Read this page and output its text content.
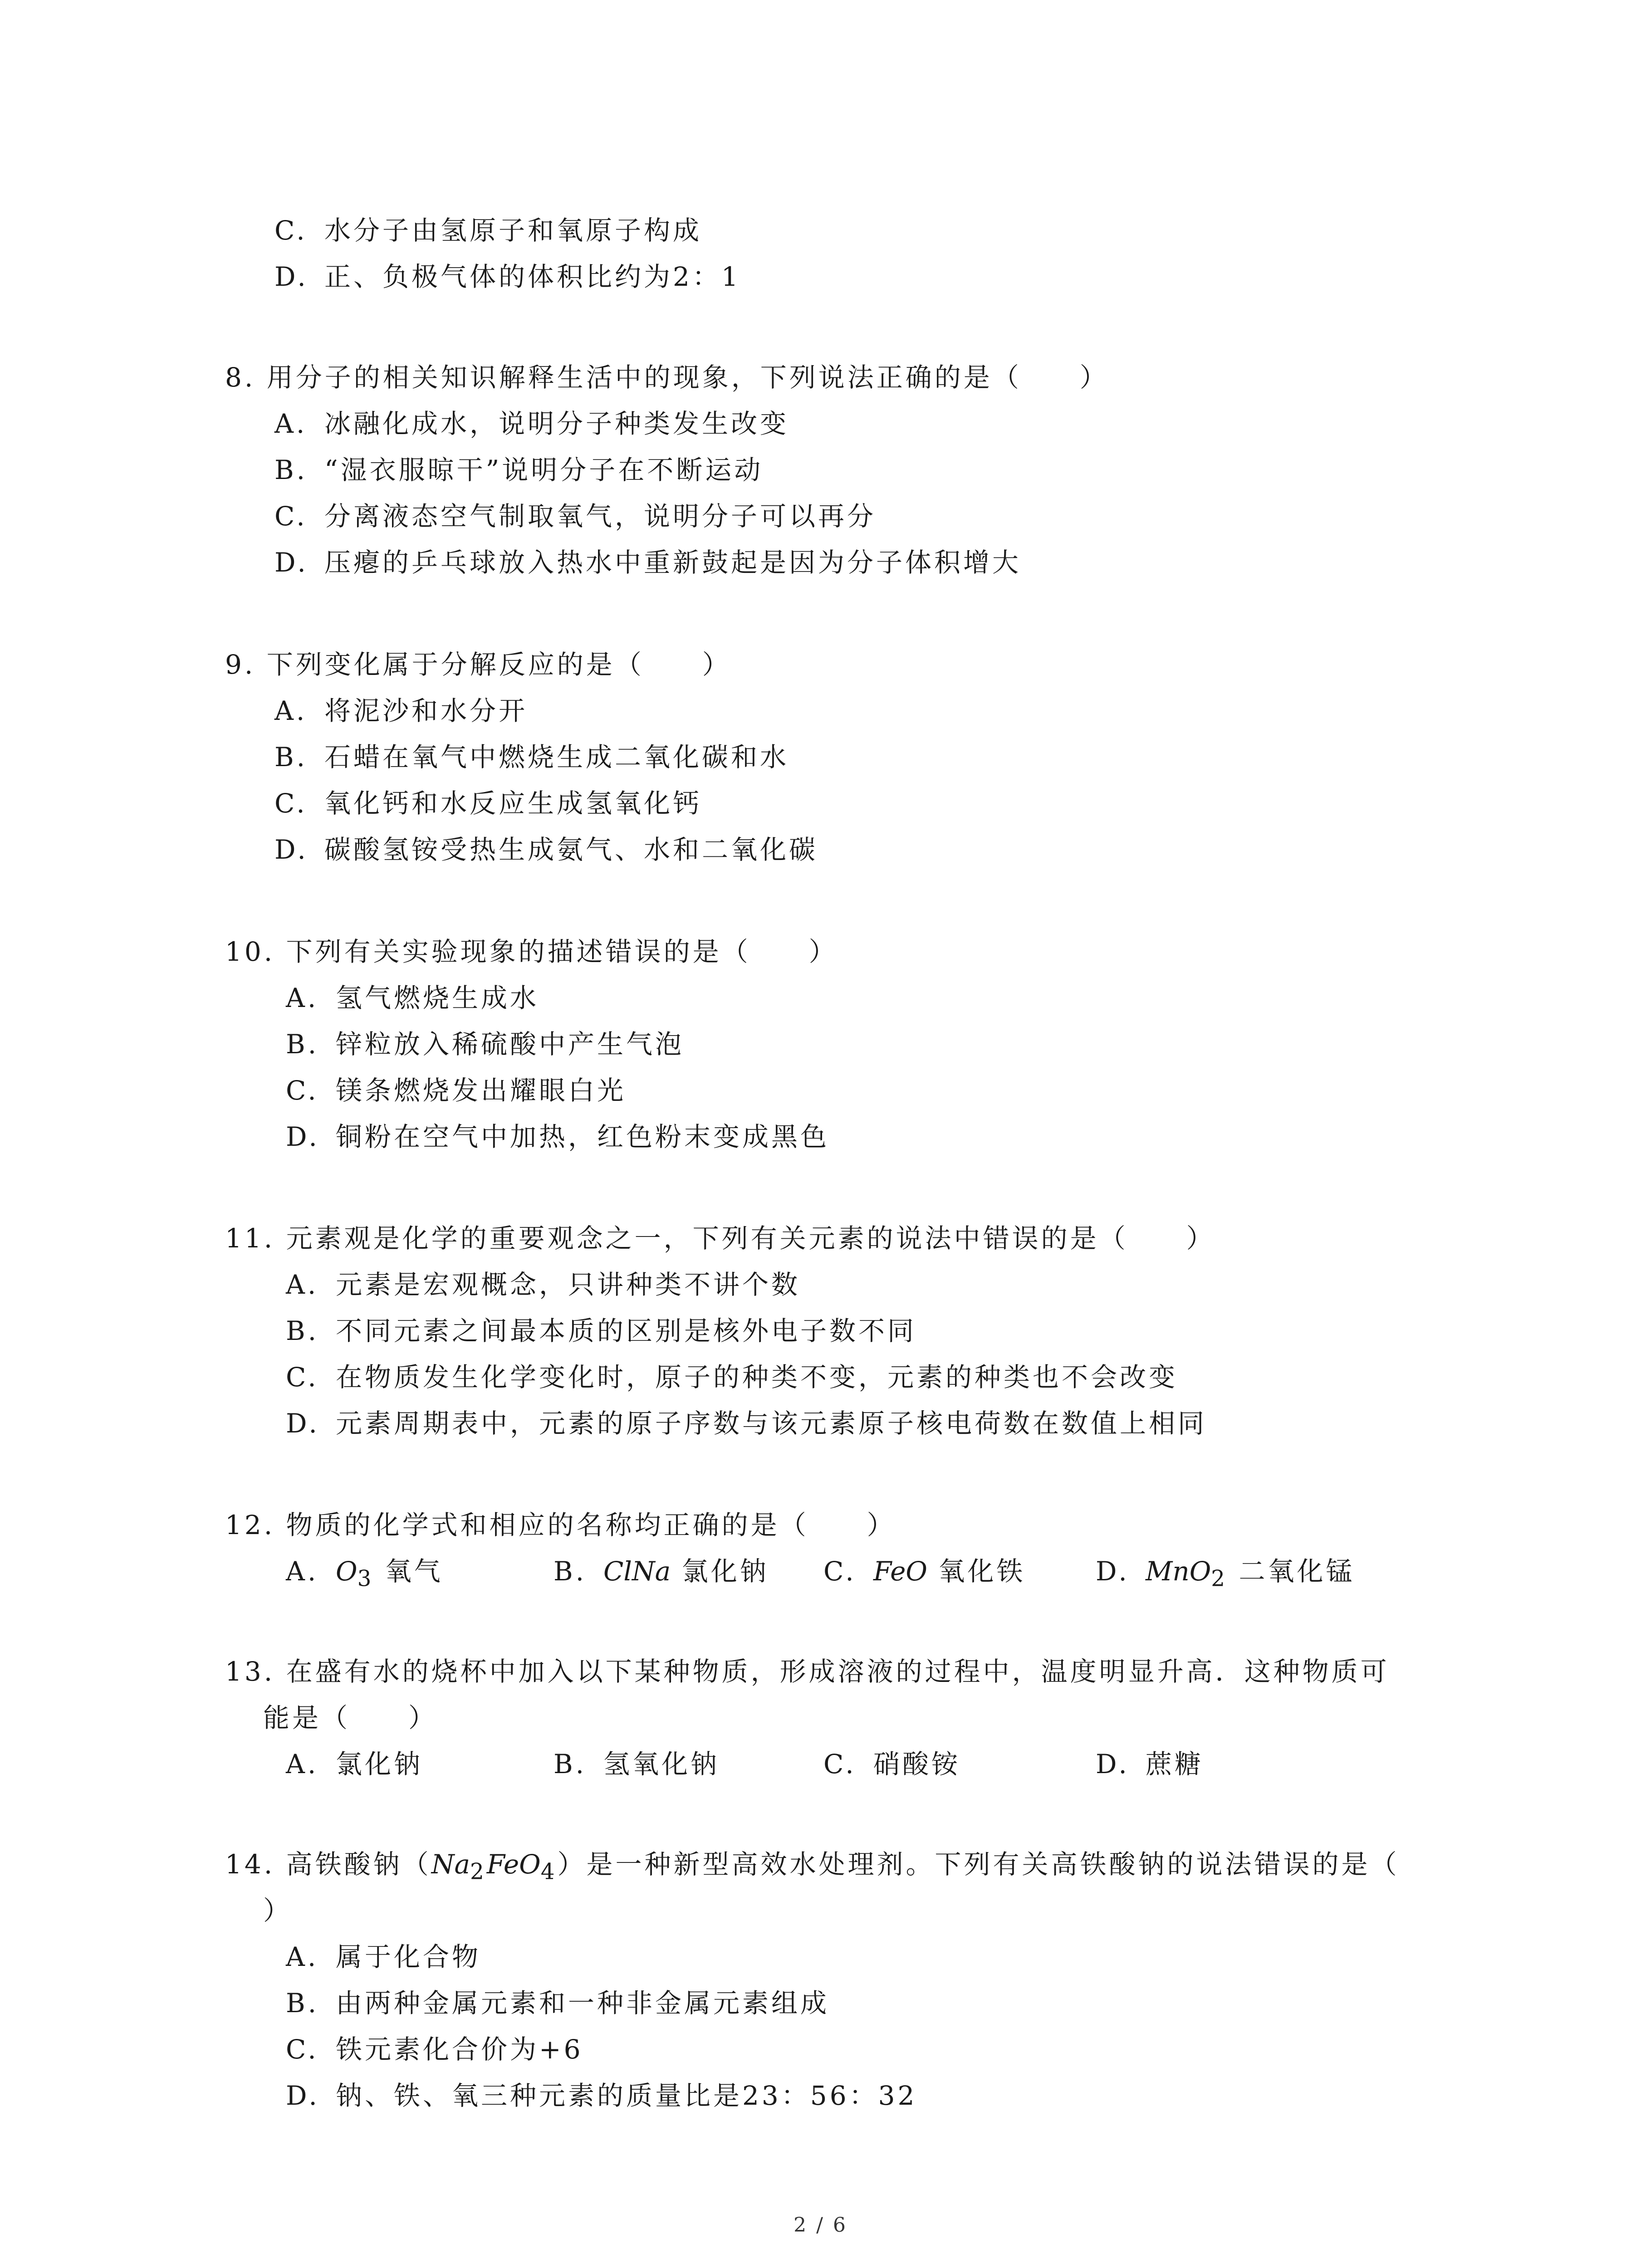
C. 水分子由氢原子和氧原子构成
D. 正、负极气体的体积比约为2：1
8. 用分子的相关知识解释生活中的现象，下列说法正确的是（　　）
A. 冰融化成水，说明分子种类发生改变
B. “湿衣服晾干”说明分子在不断运动
C. 分离液态空气制取氧气，说明分子可以再分
D. 压瘪的乒乓球放入热水中重新鼓起是因为分子体积增大
9. 下列变化属于分解反应的是（　　）
A. 将泥沙和水分开
B. 石蜡在氧气中燃烧生成二氧化碳和水
C. 氧化钙和水反应生成氢氧化钙
D. 碳酸氢铵受热生成氨气、水和二氧化碳
10. 下列有关实验现象的描述错误的是（　　）
A. 氢气燃烧生成水
B. 锌粒放入稀硫酸中产生气泡
C. 镁条燃烧发出耀眼白光
D. 铜粉在空气中加热，红色粉末变成黑色
11. 元素观是化学的重要观念之一，下列有关元素的说法中错误的是（　　）
A. 元素是宏观概念，只讲种类不讲个数
B. 不同元素之间最本质的区别是核外电子数不同
C. 在物质发生化学变化时，原子的种类不变，元素的种类也不会改变
D. 元素周期表中，元素的原子序数与该元素原子核电荷数在数值上相同
12. 物质的化学式和相应的名称均正确的是（　　）
A. $O_3$ 氧气	B. ClNa 氯化钠 C. FeO 氧化铁	D. MnO$_2$ 二氧化锰
13. 在盛有水的烧杯中加入以下某种物质，形成溶液的过程中，温度明显升高．这种物质可
能是（　　）
A. 氯化钠	B. 氢氧化钠	C. 硝酸铵	D. 蔗糖
14. 高铁酸钠$(Na_2FeO_4)$是一种新型高效水处理剂。下列有关高铁酸钠的说法错误的是（
）
A. 属于化合物
B. 由两种金属元素和一种非金属元素组成
C. 铁元素化合价为+6
D. 钠、铁、氧三种元素的质量比是23：56：32
2 / 6
